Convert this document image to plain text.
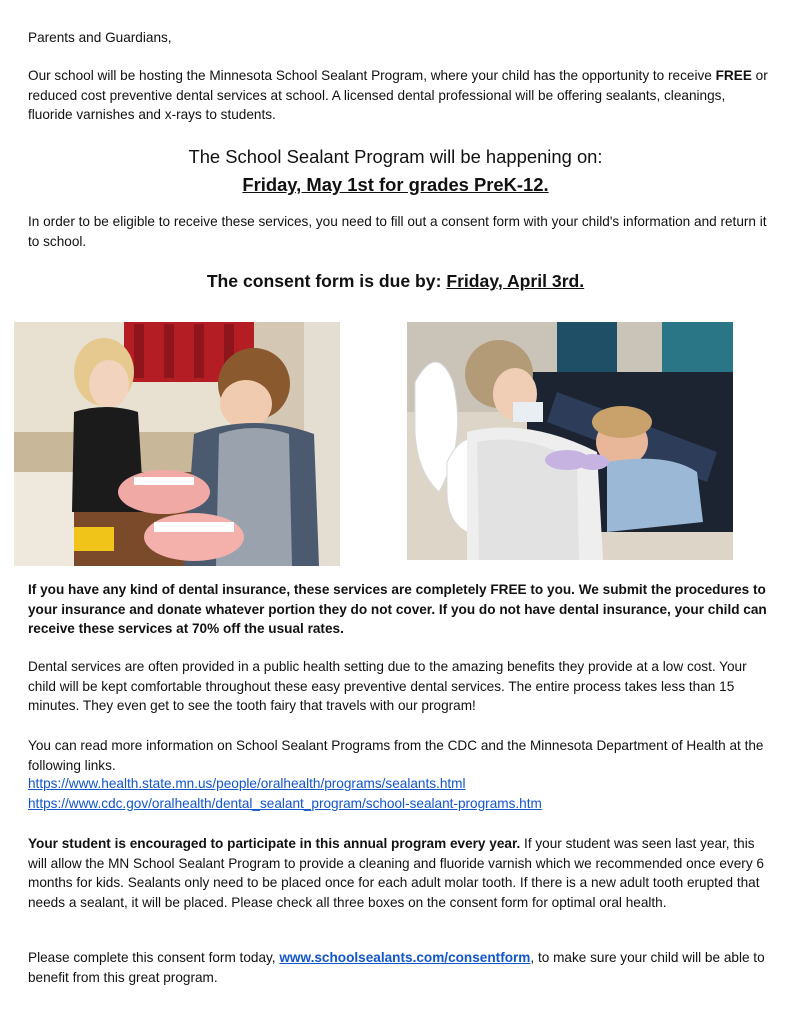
Parents and Guardians,

Our school will be hosting the Minnesota School Sealant Program, where your child has the opportunity to receive FREE or reduced cost preventive dental services at school. A licensed dental professional will be offering sealants, cleanings, fluoride varnishes and x-rays to students.

The School Sealant Program will be happening on:

Friday, May 1st for grades PreK-12.

In order to be eligible to receive these services, you need to fill out a consent form with your child's information and return it to school.

The consent form is due by: Friday, April 3rd.

If you have any kind of dental insurance, these services are completely FREE to you. We submit the procedures to your insurance and donate whatever portion they do not cover. If you do not have dental insurance, your child can receive these services at 70% off the usual rates.

Dental services are often provided in a public health setting due to the amazing benefits they provide at a low cost. Your child will be kept comfortable throughout these easy preventive dental services. The entire process takes less than 15 minutes. They even get to see the tooth fairy that travels with our program!

You can read more information on School Sealant Programs from the CDC and the Minnesota Department of Health at the following links.

https://www.health.state.mn.us/people/oralhealth/programs/sealants.html
https://www.cdc.gov/oralhealth/dental_sealant_program/school-sealant-programs.htm

Your student is encouraged to participate in this annual program every year. If your student was seen last year, this will allow the MN School Sealant Program to provide a cleaning and fluoride varnish which we recommended once every 6 months for kids. Sealants only need to be placed once for each adult molar tooth. If there is a new adult tooth erupted that needs a sealant, it will be placed. Please check all three boxes on the consent form for optimal oral health.

Please complete this consent form today, www.schoolsealants.com/consentform, to make sure your child will be able to benefit from this great program.
